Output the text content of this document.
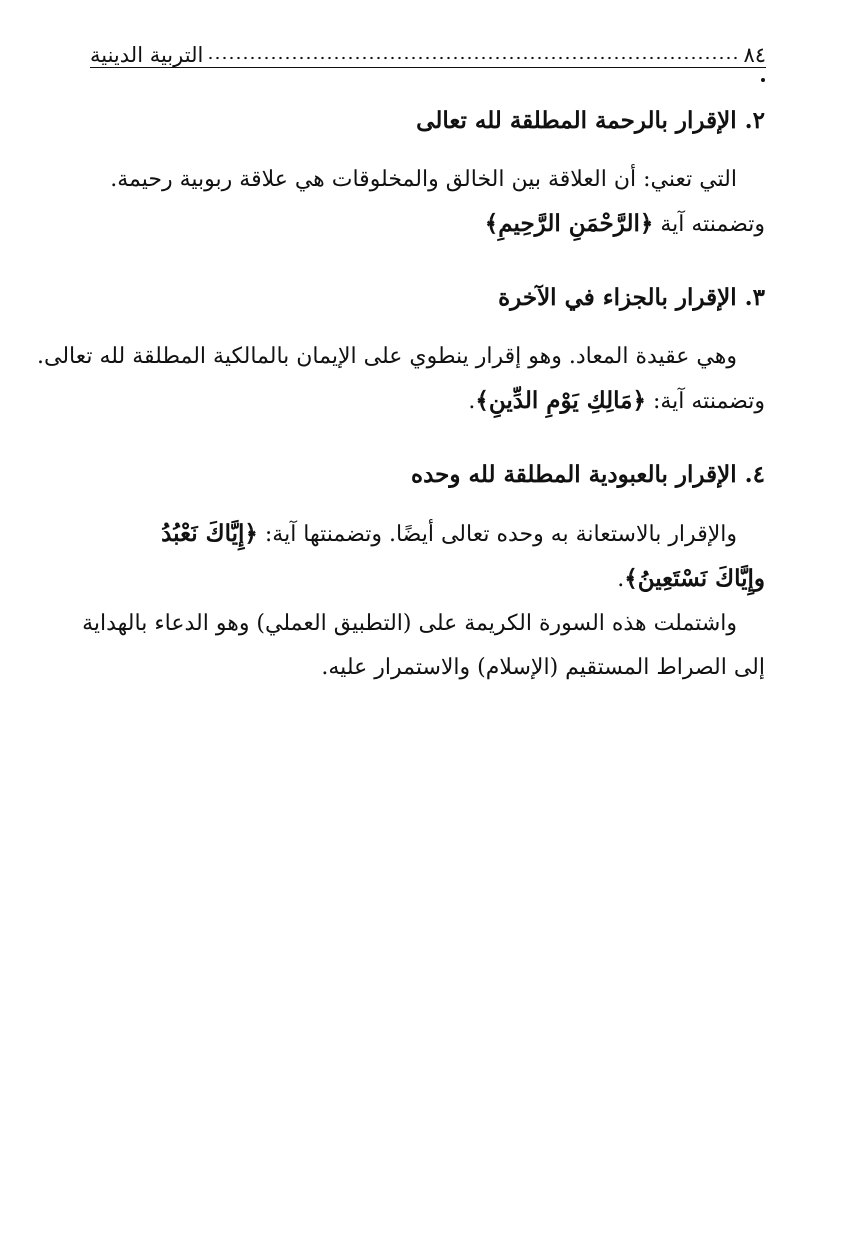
٨٤
التربية الدينية

٢. الإقرار بالرحمة المطلقة لله تعالى

التي تعني: أن العلاقة بين الخالق والمخلوقات هي علاقة ربوبية رحيمة.

وتضمنته آية ﴿الرَّحْمَنِ الرَّحِيمِ﴾

٣. الإقرار بالجزاء في الآخرة

وهي عقيدة المعاد. وهو إقرار ينطوي على الإيمان بالمالكية المطلقة لله تعالى.

وتضمنته آية: ﴿مَالِكِ يَوْمِ الدِّينِ﴾.

٤. الإقرار بالعبودية المطلقة لله وحده

والإقرار بالاستعانة به وحده تعالى أيضًا. وتضمنتها آية: ﴿إِيَّاكَ نَعْبُدُ

وإِيَّاكَ نَسْتَعِينُ﴾.

واشتملت هذه السورة الكريمة على (التطبيق العملي) وهو الدعاء بالهداية

إلى الصراط المستقيم (الإسلام) والاستمرار عليه.
